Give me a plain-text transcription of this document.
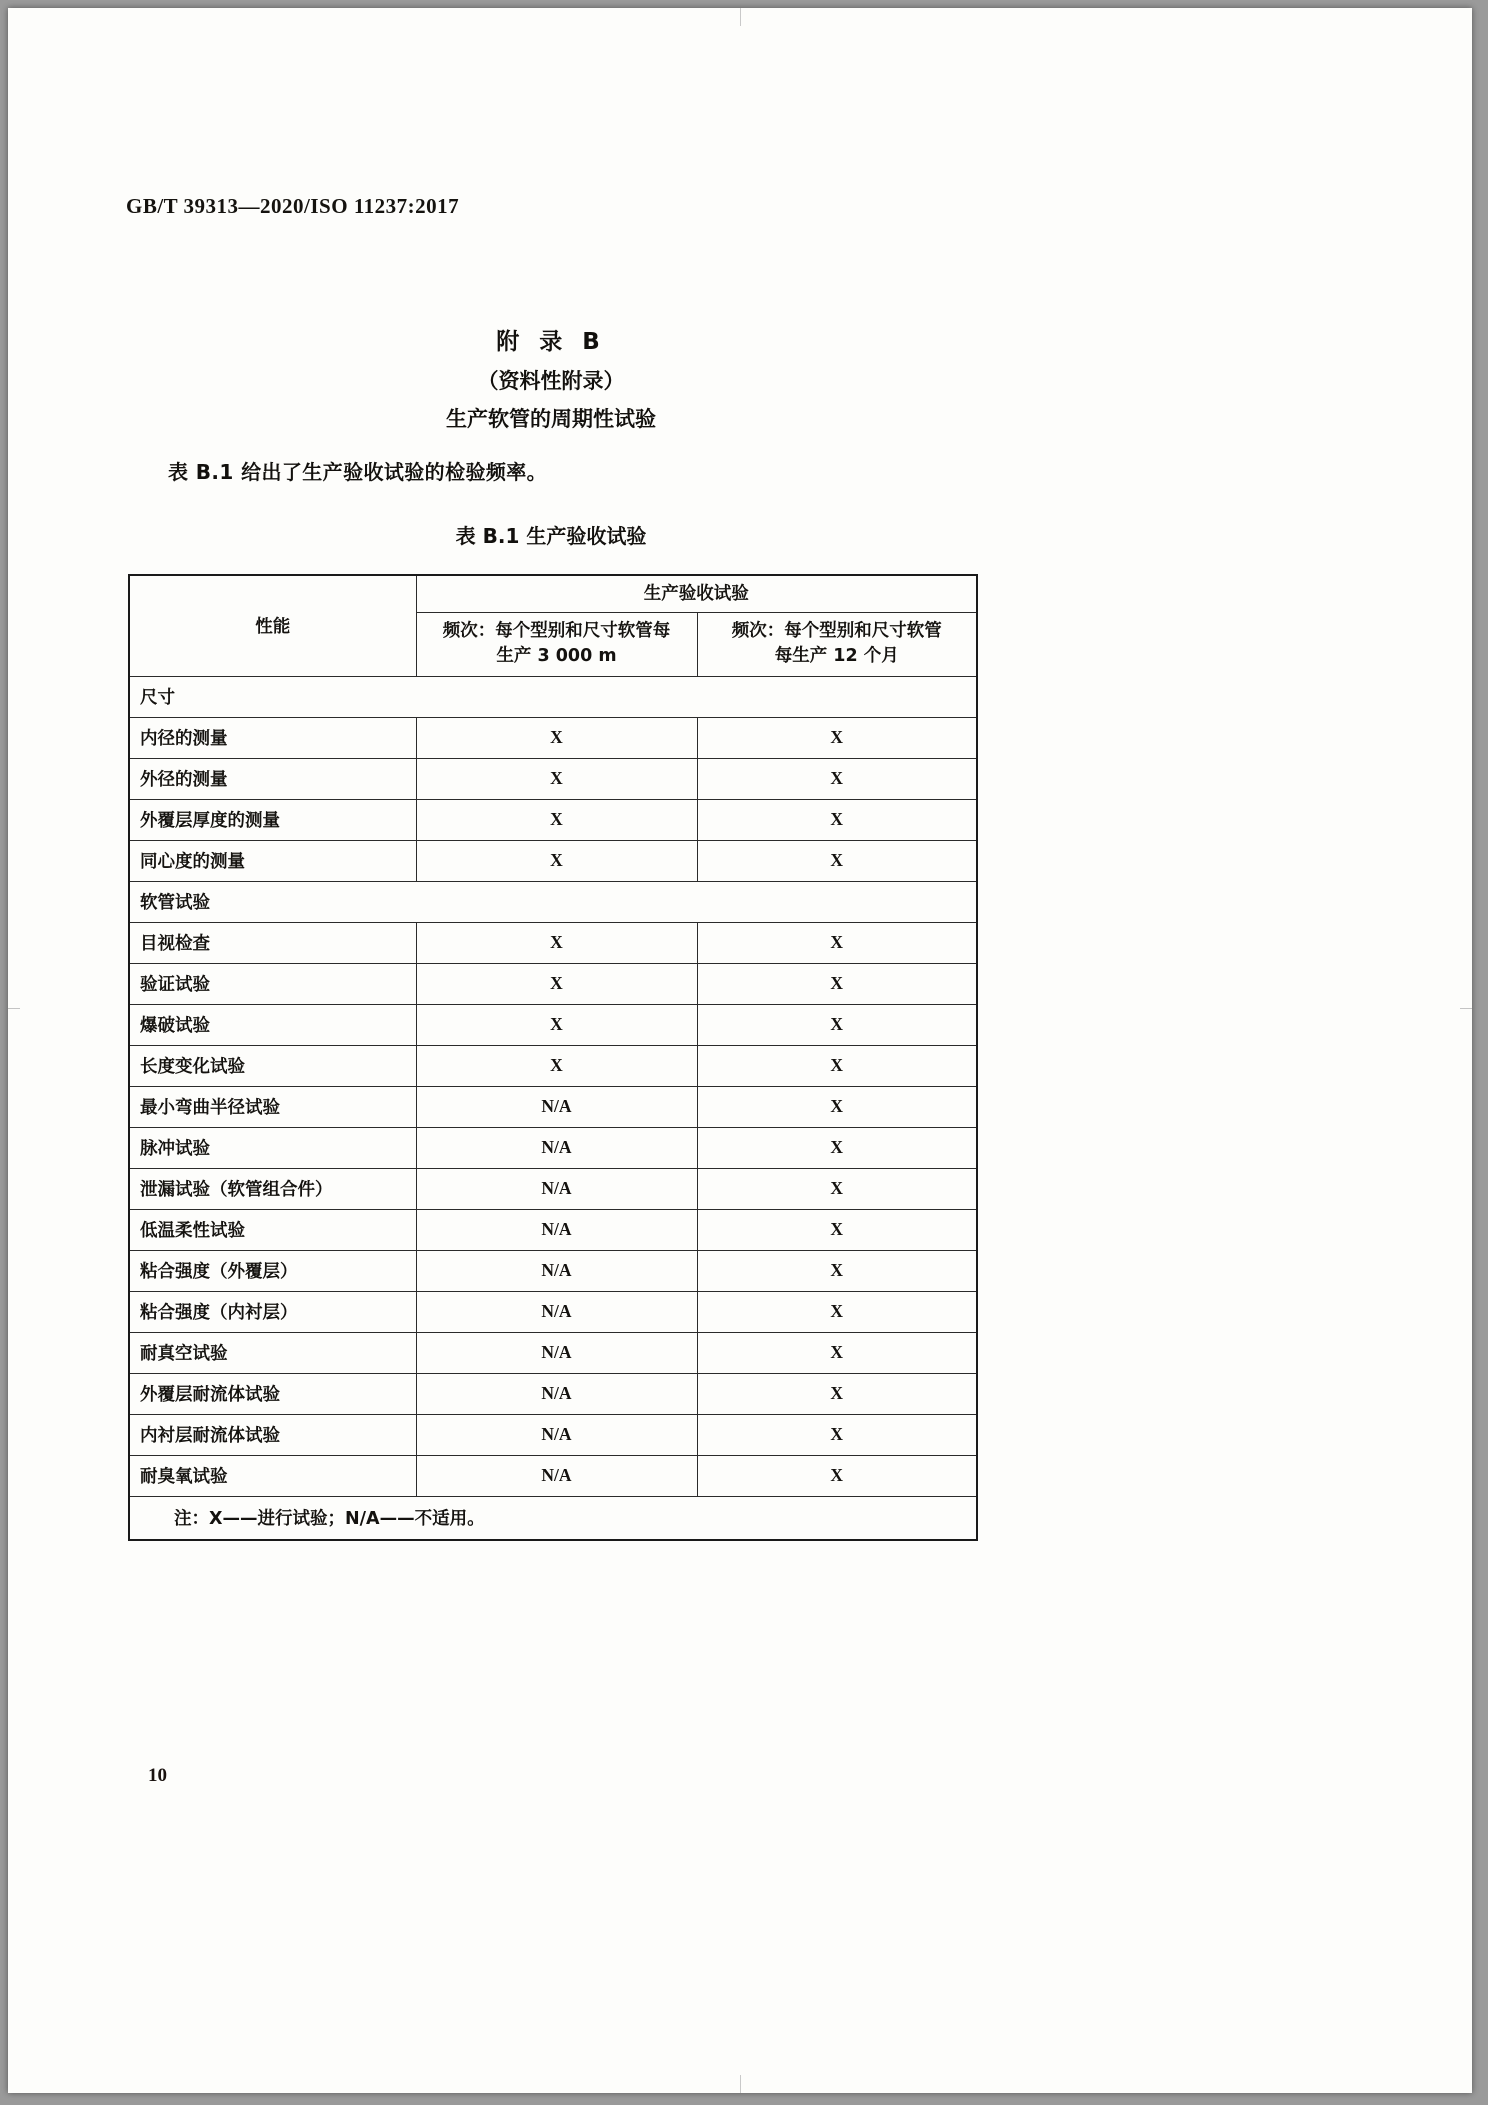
GB/T 39313—2020/ISO 11237:2017
附 录 B
（资料性附录）
生产软管的周期性试验
表 B.1 给出了生产验收试验的检验频率。
表 B.1 生产验收试验
性能	生产验收试验	

频次：每个型别和尺寸软管每
生产 3 000 m

频次：每个型别和尺寸软管
每生产 12 个月

尺寸		
内径的测量	X	X
外径的测量	X	X
外覆层厚度的测量	X	X
同心度的测量	X	X
软管试验		
目视检查	X	X
验证试验	X	X
爆破试验	X	X
长度变化试验	X	X
最小弯曲半径试验	N/A	X
脉冲试验	N/A	X
泄漏试验（软管组合件）	N/A	X
低温柔性试验	N/A	X
粘合强度（外覆层）	N/A	X
粘合强度（内衬层）	N/A	X
耐真空试验	N/A	X
外覆层耐流体试验	N/A	X
内衬层耐流体试验	N/A	X
耐臭氧试验	N/A	X
注：X——进行试验；N/A——不适用。		
10
